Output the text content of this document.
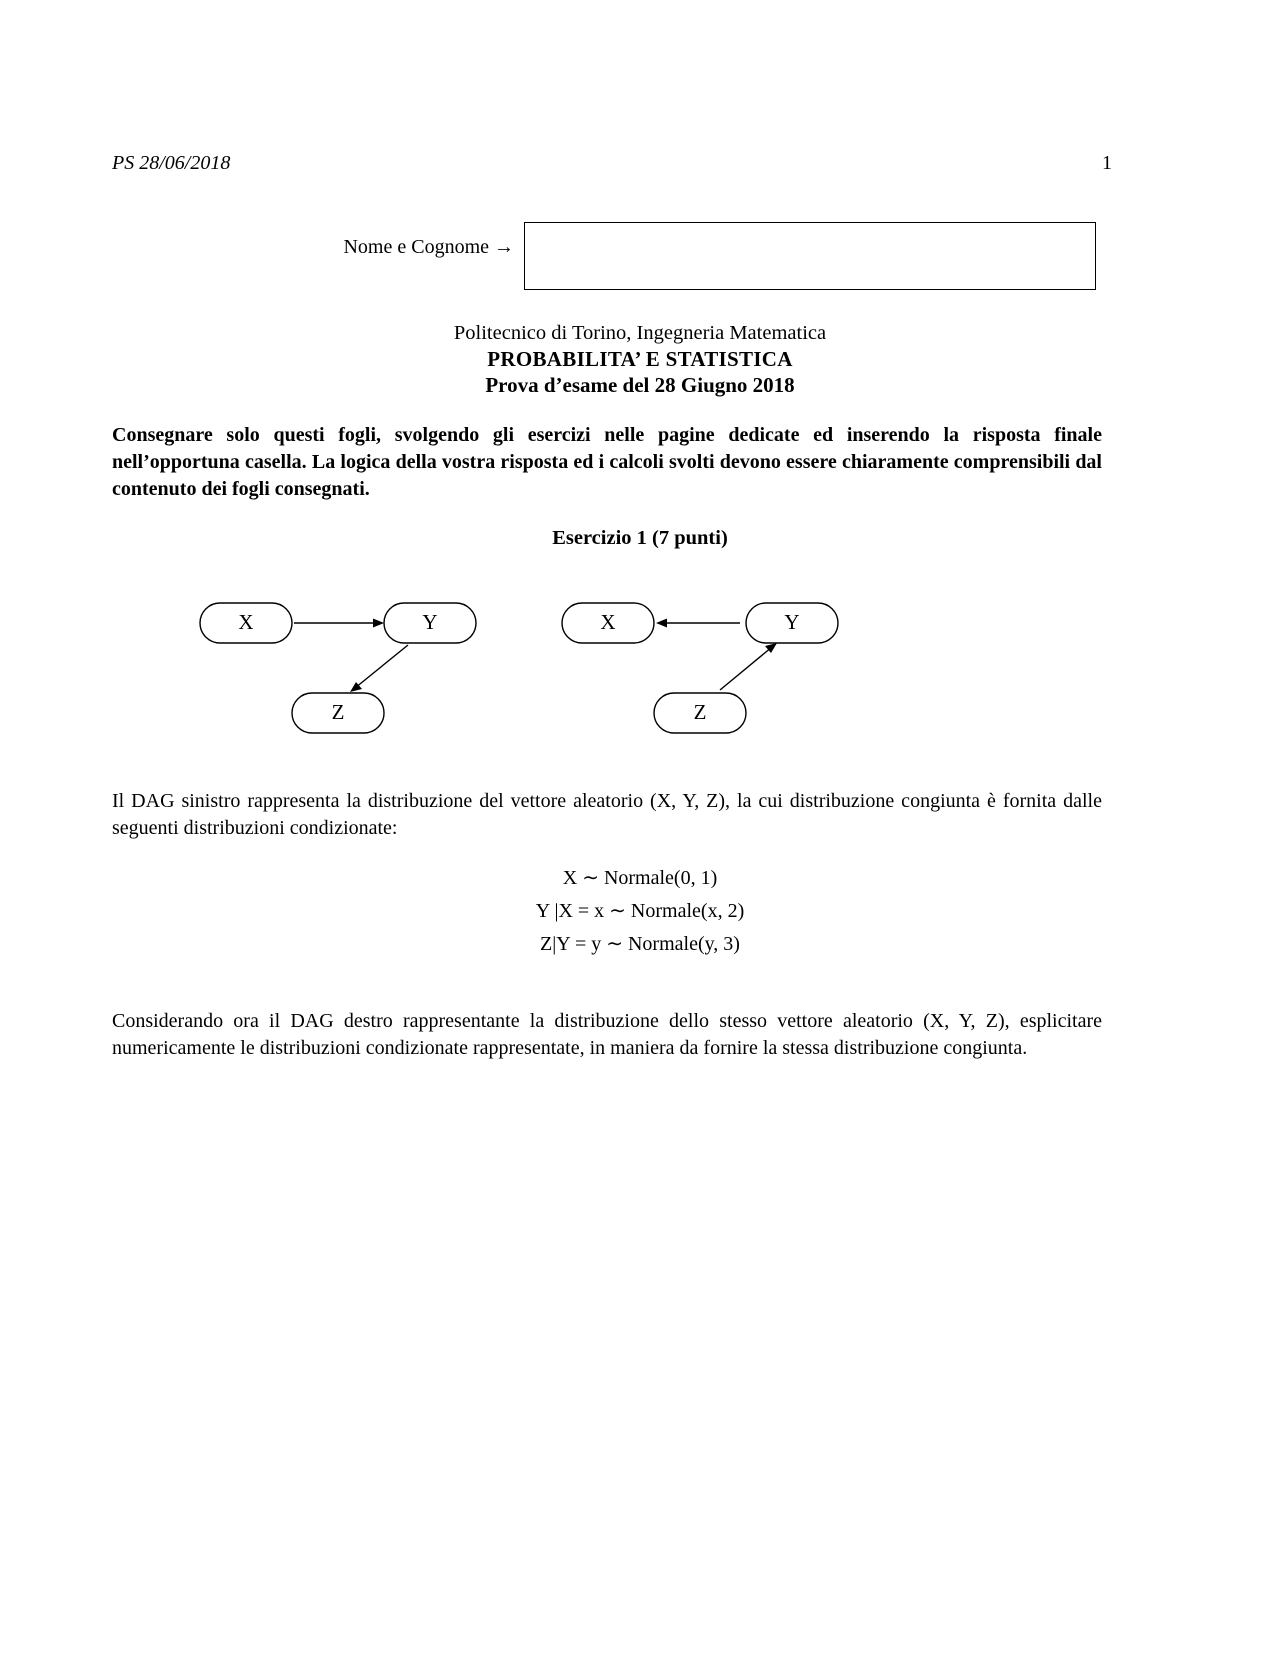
PS 28/06/2018	1
Nome e Cognome →
Politecnico di Torino, Ingegneria Matematica
PROBABILITA’ E STATISTICA
Prova d’esame del 28 Giugno 2018
Consegnare solo questi fogli, svolgendo gli esercizi nelle pagine dedicate ed inserendo la risposta finale nell’opportuna casella. La logica della vostra risposta ed i calcoli svolti devono essere chiaramente comprensibili dal contenuto dei fogli consegnati.
Esercizio 1 (7 punti)
X	Y
Z
X	Y
Z
Il DAG sinistro rappresenta la distribuzione del vettore aleatorio (X, Y, Z), la cui distribuzione congiunta è fornita dalle seguenti distribuzioni condizionate:
X ∼ Normale(0, 1)
Y |X = x ∼ Normale(x, 2)
Z|Y = y ∼ Normale(y, 3)
Considerando ora il DAG destro rappresentante la distribuzione dello stesso vettore aleatorio (X, Y, Z), esplicitare numericamente le distribuzioni condizionate rappresentate, in maniera da fornire la stessa distribuzione congiunta.
